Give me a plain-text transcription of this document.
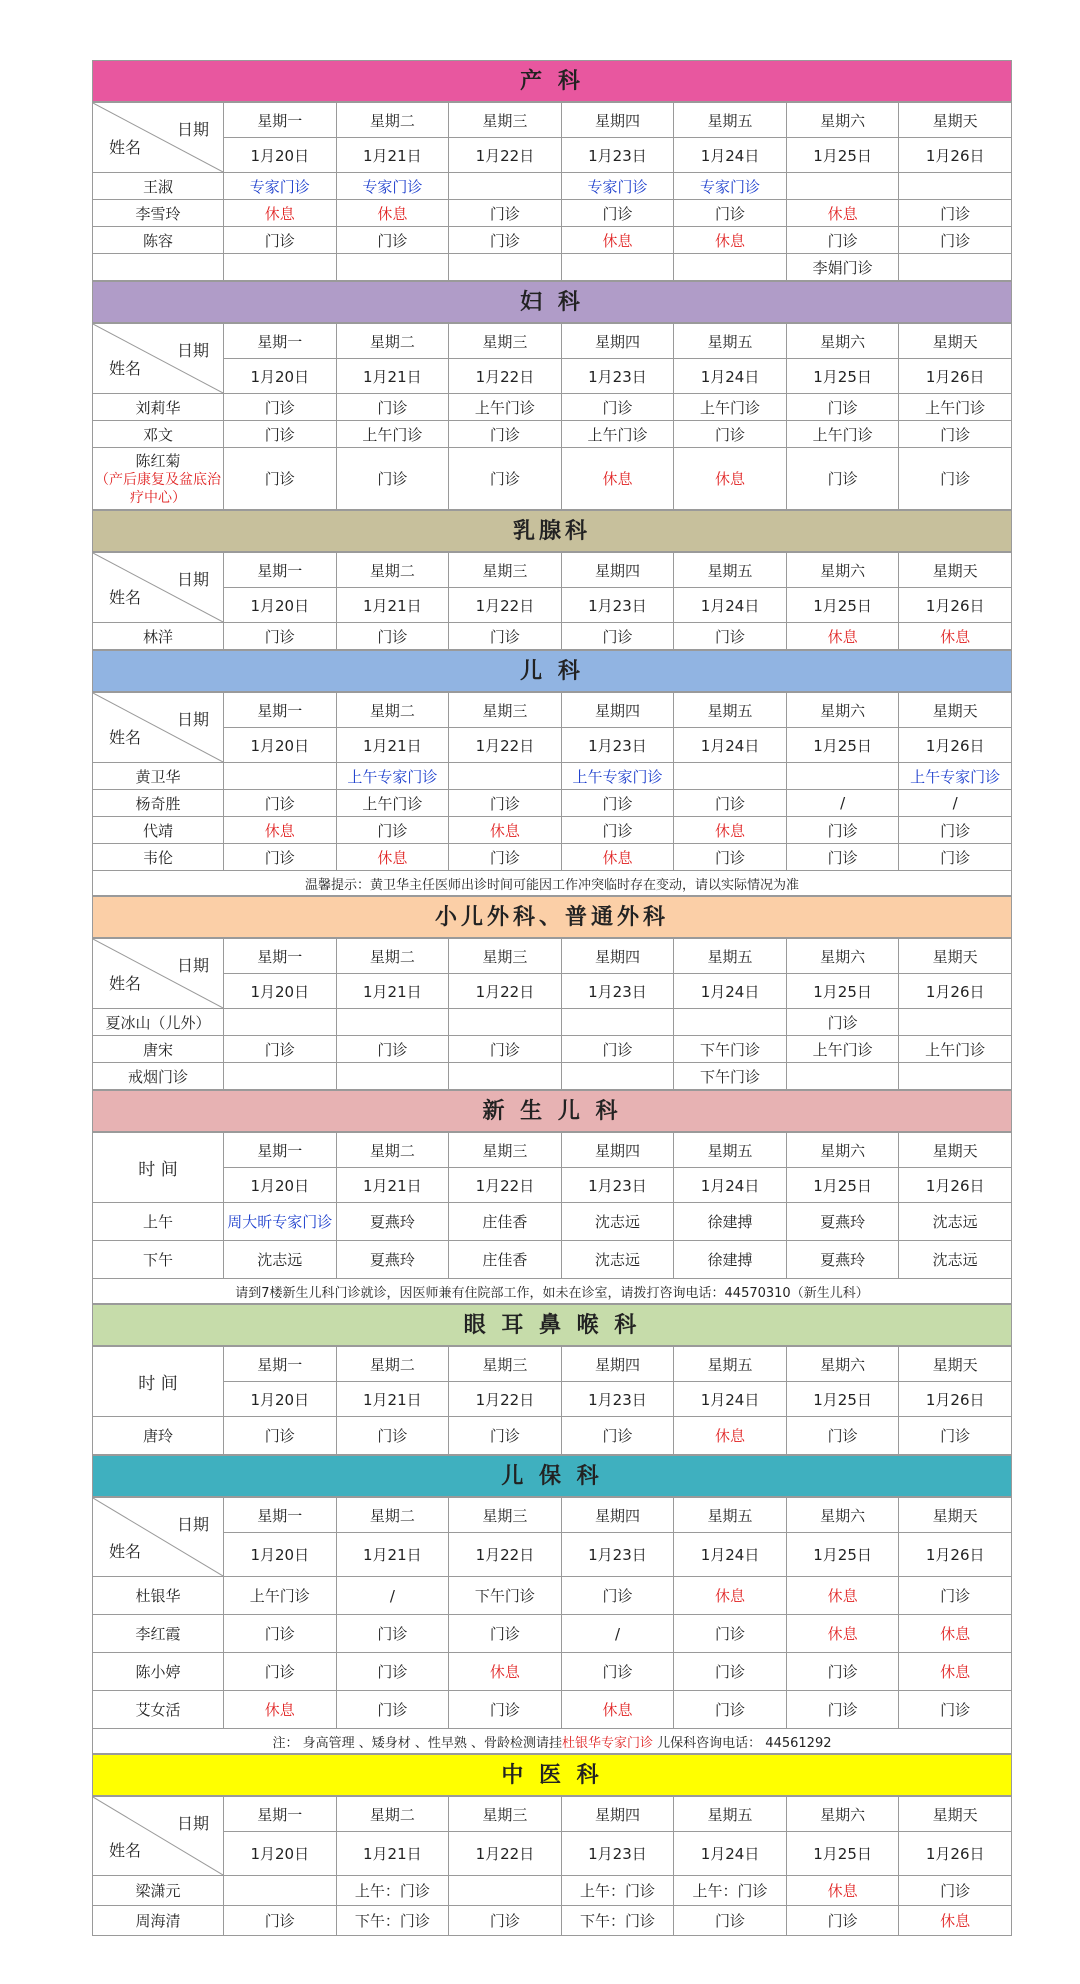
产 科
日期
姓名	星期一	星期二	星期三	星期四	星期五	星期六	星期天
	1月20日	1月21日	1月22日	1月23日	1月24日	1月25日	1月26日

王淑	专家门诊	专家门诊		专家门诊	专家门诊		

李雪玲	休息	休息	门诊	门诊	门诊	休息	门诊

陈容	门诊	门诊	门诊	休息	休息	门诊	门诊

						李娟门诊	
妇 科
日期
姓名	星期一	星期二	星期三	星期四	星期五	星期六	星期天
	1月20日	1月21日	1月22日	1月23日	1月24日	1月25日	1月26日

刘莉华	门诊	门诊	上午门诊	门诊	上午门诊	门诊	上午门诊

邓文	门诊	上午门诊	门诊	上午门诊	门诊	上午门诊	门诊

陈红菊
（产后康复及盆底治疗中心）	门诊	门诊	门诊	休息	休息	门诊	门诊
乳腺科
日期
姓名	星期一	星期二	星期三	星期四	星期五	星期六	星期天
	1月20日	1月21日	1月22日	1月23日	1月24日	1月25日	1月26日

林洋	门诊	门诊	门诊	门诊	门诊	休息	休息
儿 科
日期
姓名	星期一	星期二	星期三	星期四	星期五	星期六	星期天
	1月20日	1月21日	1月22日	1月23日	1月24日	1月25日	1月26日

黄卫华		上午专家门诊		上午专家门诊			上午专家门诊

杨奇胜	门诊	上午门诊	门诊	门诊	门诊	/	/

代靖	休息	门诊	休息	门诊	休息	门诊	门诊

韦伦	门诊	休息	门诊	休息	门诊	门诊	门诊
温馨提示：黄卫华主任医师出诊时间可能因工作冲突临时存在变动，请以实际情况为准							
小儿外科、普通外科
日期
姓名	星期一	星期二	星期三	星期四	星期五	星期六	星期天
	1月20日	1月21日	1月22日	1月23日	1月24日	1月25日	1月26日

夏冰山（儿外）						门诊	

唐宋	门诊	门诊	门诊	门诊	下午门诊	上午门诊	上午门诊

戒烟门诊					下午门诊		
新 生 儿 科
时 间	星期一	星期二	星期三	星期四	星期五	星期六	星期天
	1月20日	1月21日	1月22日	1月23日	1月24日	1月25日	1月26日

上午	周大昕专家门诊	夏燕玲	庄佳香	沈志远	徐建搏	夏燕玲	沈志远

下午	沈志远	夏燕玲	庄佳香	沈志远	徐建搏	夏燕玲	沈志远
请到7楼新生儿科门诊就诊，因医师兼有住院部工作，如未在诊室，请拨打咨询电话：44570310（新生儿科）							
眼 耳 鼻 喉 科
时 间	星期一	星期二	星期三	星期四	星期五	星期六	星期天
	1月20日	1月21日	1月22日	1月23日	1月24日	1月25日	1月26日

唐玲	门诊	门诊	门诊	门诊	休息	门诊	门诊
儿 保 科
日期
姓名	星期一	星期二	星期三	星期四	星期五	星期六	星期天
	1月20日	1月21日	1月22日	1月23日	1月24日	1月25日	1月26日

杜银华	上午门诊	/	下午门诊	门诊	休息	休息	门诊

李红霞	门诊	门诊	门诊	/	门诊	休息	休息

陈小婷	门诊	门诊	休息	门诊	门诊	门诊	休息

艾女活	休息	门诊	门诊	休息	门诊	门诊	门诊
注： 身高管理 、矮身材 、性早熟 、骨龄检测请挂杜银华专家门诊 儿保科咨询电话： 44561292							
中 医 科
日期
姓名	星期一	星期二	星期三	星期四	星期五	星期六	星期天
	1月20日	1月21日	1月22日	1月23日	1月24日	1月25日	1月26日

梁潇元		上午：门诊		上午：门诊	上午：门诊	休息	门诊

周海清	门诊	下午：门诊	门诊	下午：门诊	门诊	门诊	休息
